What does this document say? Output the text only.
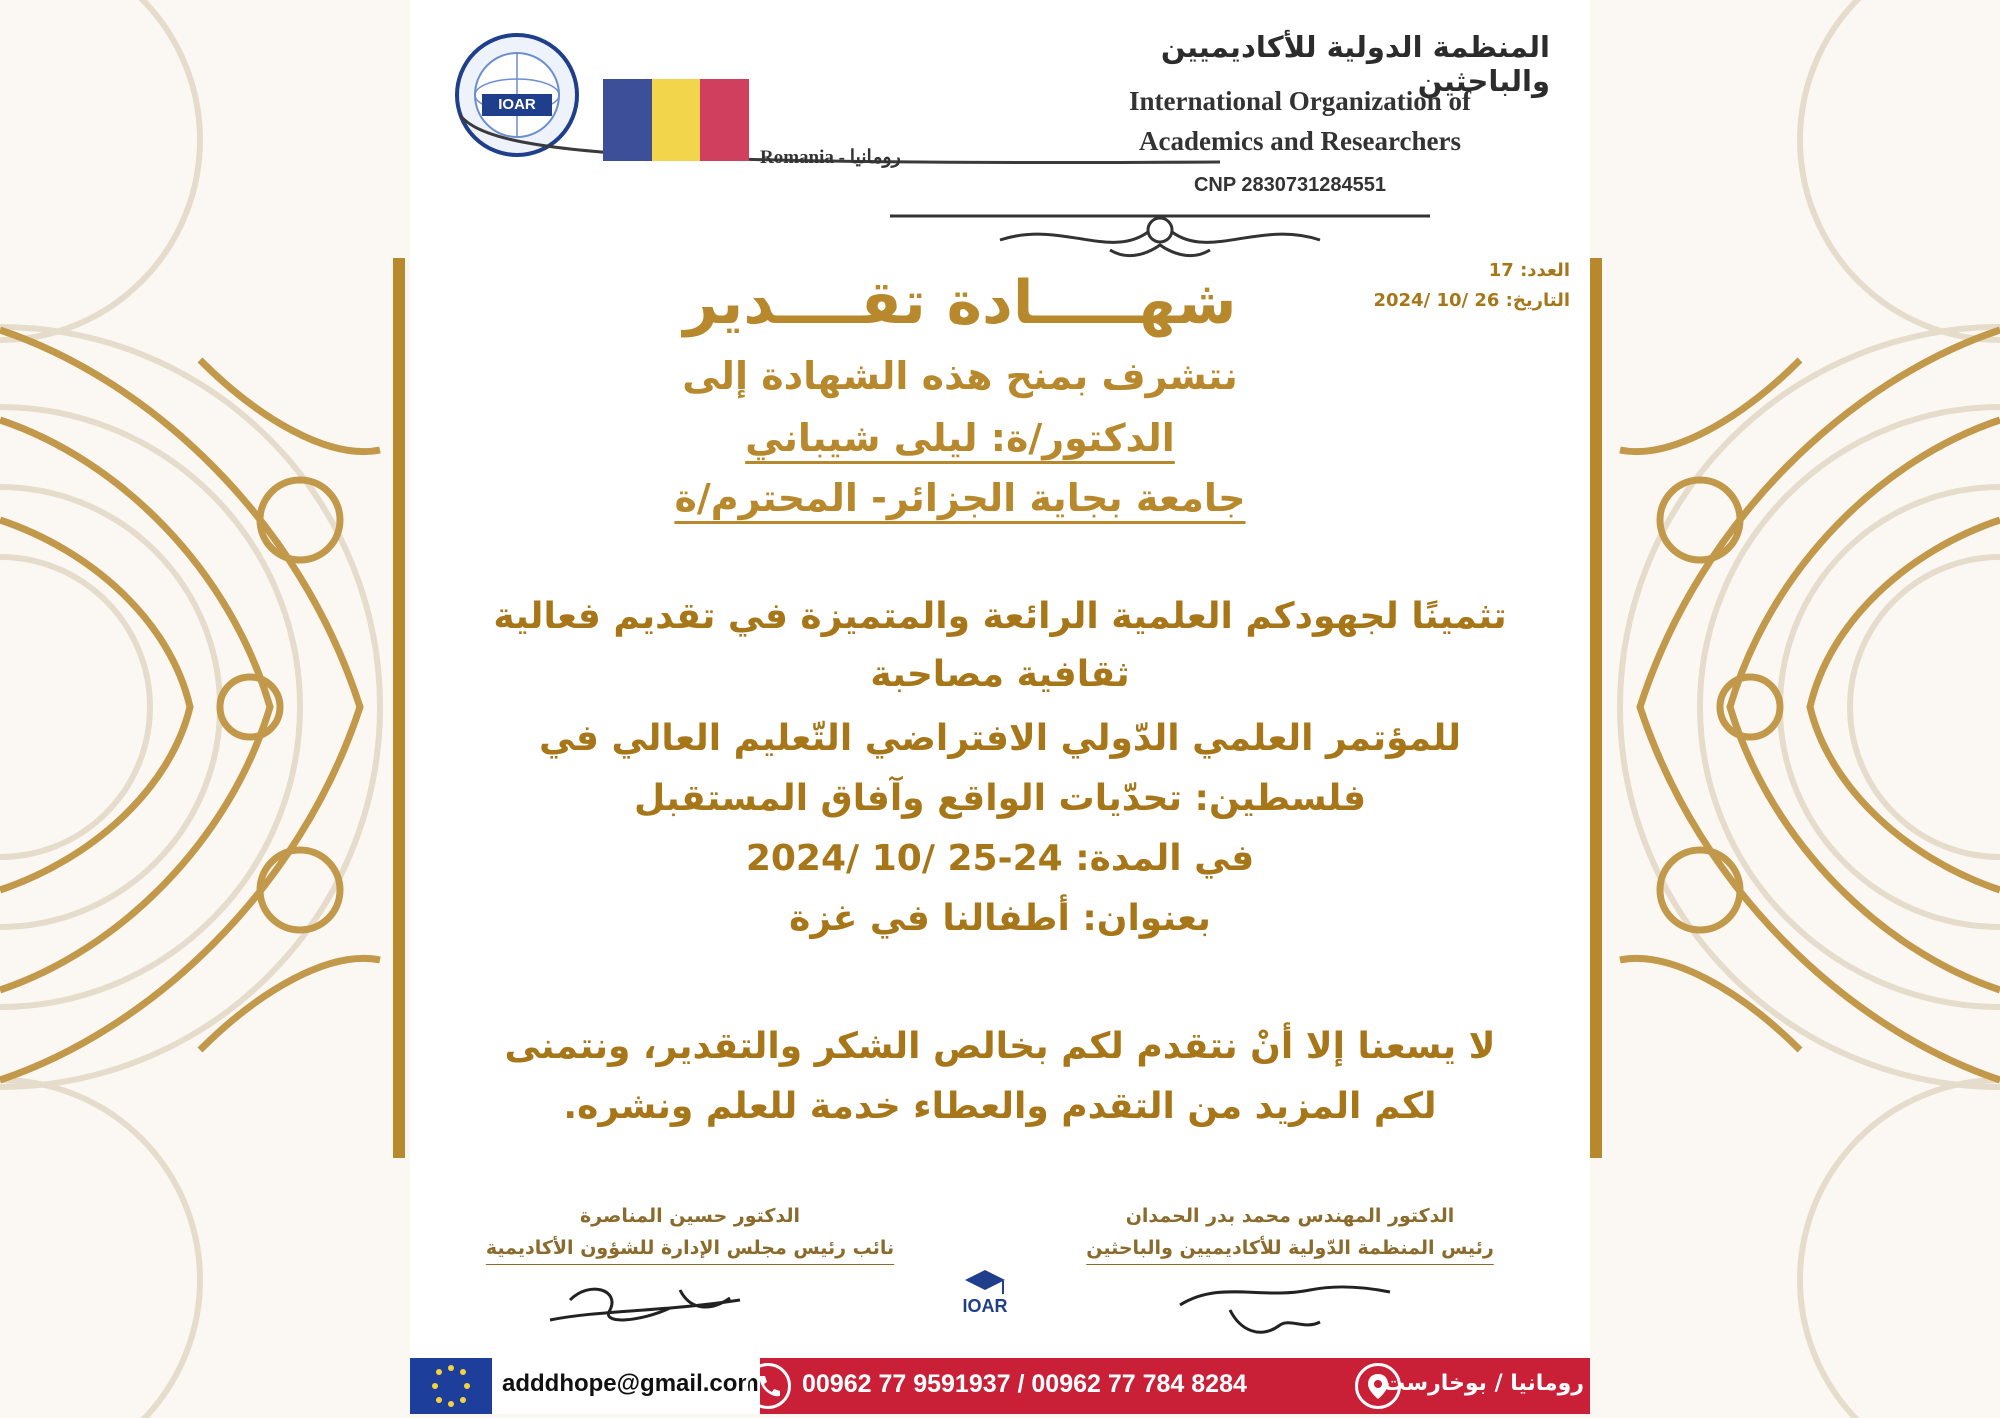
IOAR
Romania - رومانيا
المنظمة الدولية للأكاديميين والباحثين
International Organization of
Academics and Researchers
CNP 2830731284551
العدد: 17
التاريخ: 26 /10 /2024
شهـــــادة تقــــدير
نتشرف بمنح هذه الشهادة إلى
الدكتور/ة: ليلى شيباني
جامعة بجاية الجزائر- المحترم/ة
تثمينًا لجهودكم العلمية الرائعة والمتميزة في تقديم فعالية
ثقافية مصاحبة
للمؤتمر العلمي الدّولي الافتراضي التّعليم العالي في
فلسطين: تحدّيات الواقع وآفاق المستقبل
في المدة: 24-25 /10 /2024
بعنوان: أطفالنا في غزة
لا يسعنا إلا أنْ نتقدم لكم بخالص الشكر والتقدير، ونتمنى
لكم المزيد من التقدم والعطاء خدمة للعلم ونشره.
الدكتور المهندس محمد بدر الحمدان
رئيس المنظمة الدّولية للأكاديميين والباحثين
الدكتور حسين المناصرة
نائب رئيس مجلس الإدارة للشؤون الأكاديمية
IOAR
adddhope@gmail.com 00962 77 9591937 / 00962 77 784 8284	رومانيا / بوخارست
